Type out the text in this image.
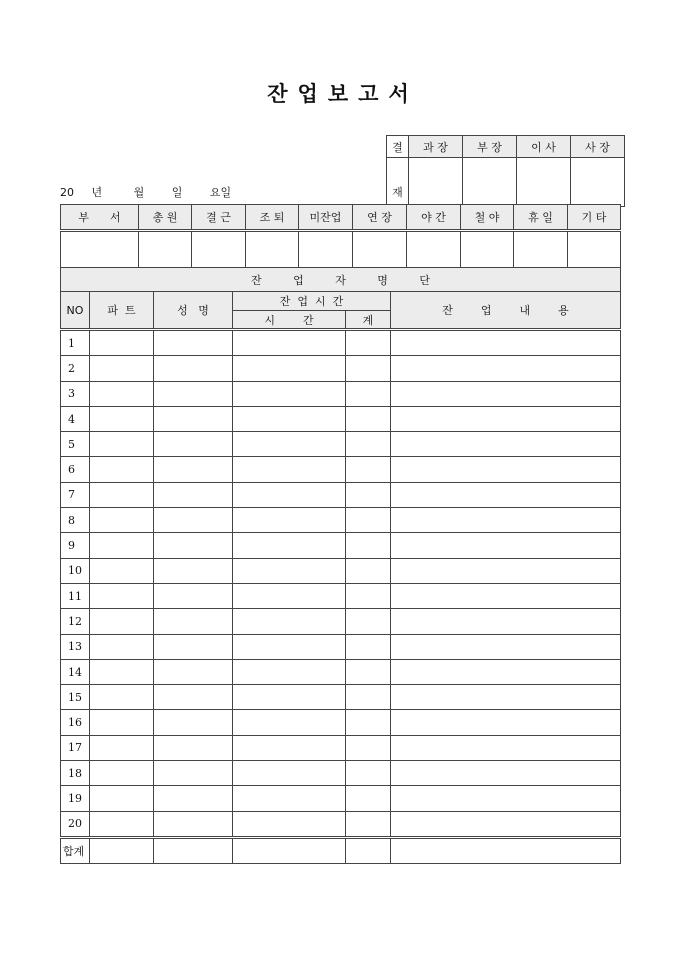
잔 업 보 고 서
결	과 장	부 장	이 사	사 장
재				
20 년	월	일	요일
부      서	총 원	결 근	조 퇴	미잔업	연 장	야 간	철 야	휴 일	기 타

잔         업         자         명         단					
NO	파  트	성   명	잔  업  시  간		잔        업        내        용
			시        간	계	
1					
2					
3					
4					
5					
6					
7					
8					
9					
10					
11					
12					
13					
14					
15					
16					
17					
18					
19					
20					
합계					
